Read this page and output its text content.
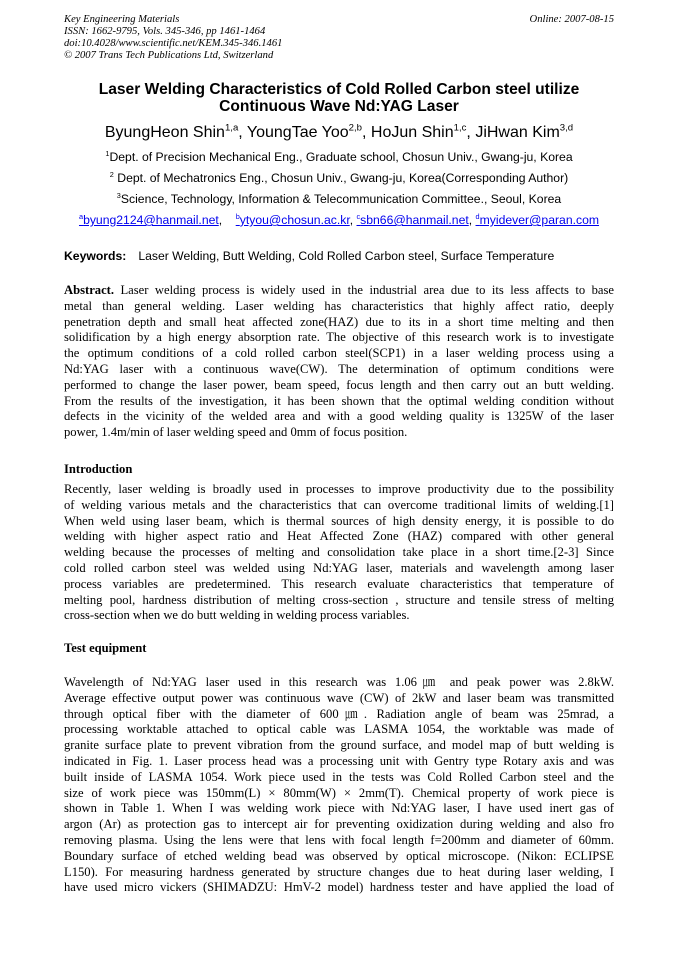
Key Engineering Materials
ISSN: 1662-9795, Vols. 345-346, pp 1461-1464
doi:10.4028/www.scientific.net/KEM.345-346.1461
© 2007 Trans Tech Publications Ltd, Switzerland
Online: 2007-08-15
Laser Welding Characteristics of Cold Rolled Carbon steel utilize
Continuous Wave Nd:YAG Laser
ByungHeon Shin$^{1,a}$, YoungTae Yoo$^{2,b}$, HoJun Shin$^{1,c}$, JiHwan Kim$^{3,d}$
$^1$Dept. of Precision Mechanical Eng., Graduate school, Chosun Univ., Gwang-ju, Korea
$^2$ Dept. of Mechatronics Eng., Chosun Univ., Gwang-ju, Korea(Corresponding Author)
$^3$Science, Technology, Information & Telecommunication Committee., Seoul, Korea
$^a$byung2124@hanmail.net,    $^b$ytyou@chosun.ac.kr, $^c$sbn66@hanmail.net, $^d$myidever@paran.com
Keywords: Laser Welding, Butt Welding, Cold Rolled Carbon steel, Surface Temperature
Abstract. Laser welding process is widely used in the industrial area due to its less affects to base
metal than general welding. Laser welding has characteristics that highly affect ratio, deeply
penetration depth and small heat affected zone(HAZ) due to its in a short time melting and then
solidification by a high energy absorption rate. The objective of this research work is to investigate
the optimum conditions of a cold rolled carbon steel(SCP1) in a laser welding process using a
Nd:YAG laser with a continuous wave(CW). The determination of optimum conditions were
performed to change the laser power, beam speed, focus length and then carry out an butt welding.
From the results of the investigation, it has been shown that the optimal welding condition without
defects in the vicinity of the welded area and with a good welding quality is 1325W of the laser
power, 1.4m/min of laser welding speed and 0mm of focus position.
Introduction
Recently, laser welding is broadly used in processes to improve productivity due to the possibility
of welding various metals and the characteristics that can overcome traditional limits of welding.[1]
When weld using laser beam, which is thermal sources of high density energy, it is possible to do
welding with higher aspect ratio and Heat Affected Zone (HAZ) compared with other general
welding because the processes of melting and consolidation take place in a short time.[2-3] Since
cold rolled carbon steel was welded using Nd:YAG laser, materials and wavelength among laser
process variables are predetermined. This research evaluate characteristics that temperature of
melting pool, hardness distribution of melting cross-section , structure and tensile stress of melting
cross-section when we do butt welding in welding process variables.
Test equipment
Wavelength of Nd:YAG laser used in this research was 1.06㎛ and peak power was 2.8kW.
Average effective output power was continuous wave (CW) of 2kW and laser beam was transmitted
through optical fiber with the diameter of 600㎛. Radiation angle of beam was 25mrad, a
processing worktable attached to optical cable was LASMA 1054, the worktable was made of
granite surface plate to prevent vibration from the ground surface, and model map of butt welding is
indicated in Fig. 1. Laser process head was a processing unit with Gentry type Rotary axis and was
built inside of LASMA 1054. Work piece used in the tests was Cold Rolled Carbon steel and the
size of work piece was 150mm(L) × 80mm(W) × 2mm(T). Chemical property of work piece is
shown in Table 1. When I was welding work piece with Nd:YAG laser, I have used inert gas of
argon (Ar) as protection gas to intercept air for preventing oxidization during welding and also fro
removing plasma. Using the lens were that lens with focal length f=200mm and diameter of 60mm.
Boundary surface of etched welding bead was observed by optical microscope. (Nikon: ECLIPSE
L150). For measuring hardness generated by structure changes due to heat during laser welding, I
have used micro vickers (SHIMADZU: HmV-2 model) hardness tester and have applied the load of
